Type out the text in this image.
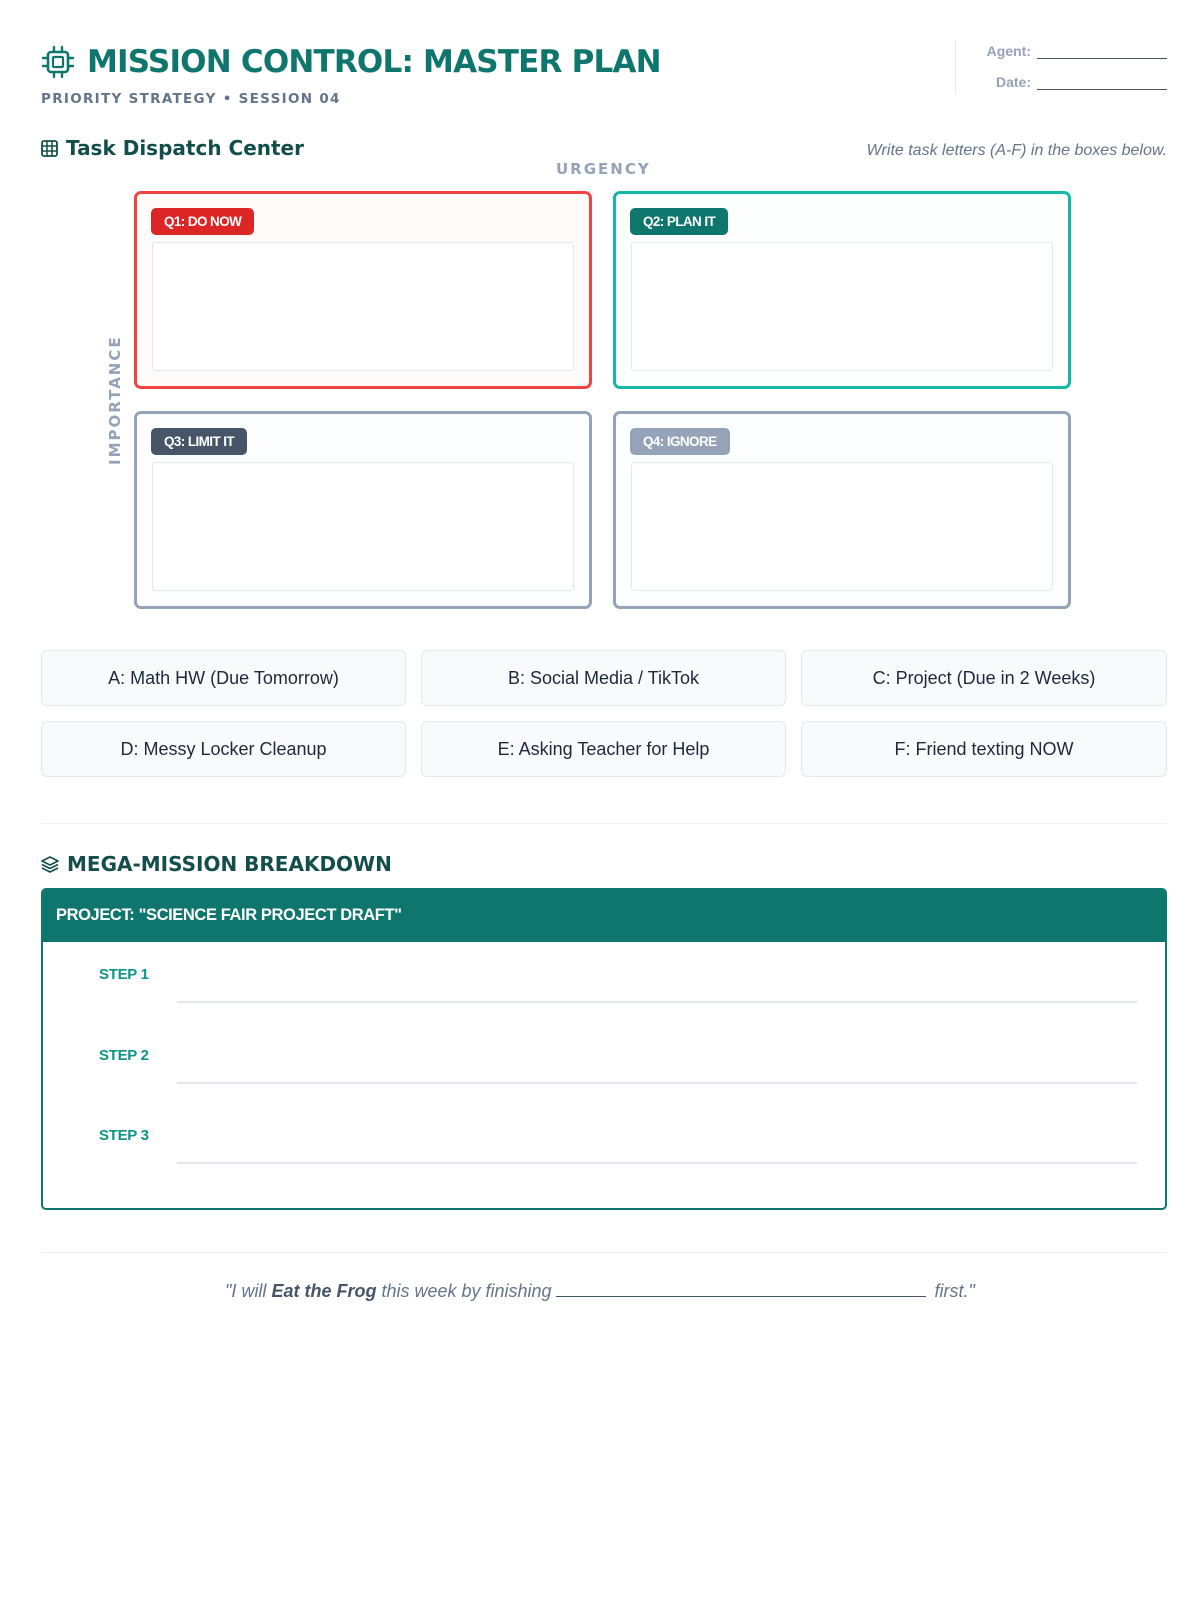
MISSION CONTROL: MASTER PLAN
PRIORITY STRATEGY • SESSION 04
Agent:
Date:
Task Dispatch Center	Write task letters (A-F) in the boxes below.
URGENCY
IMPORTANCE
Q1: DO NOW	Q2: PLAN IT
Q3: LIMIT IT	Q4: IGNORE
A: Math HW (Due Tomorrow)	B: Social Media / TikTok	C: Project (Due in 2 Weeks)
D: Messy Locker Cleanup	E: Asking Teacher for Help	F: Friend texting NOW
MEGA-MISSION BREAKDOWN
PROJECT: "SCIENCE FAIR PROJECT DRAFT"
STEP 1
STEP 2
STEP 3
"I will Eat the Frog this week by finishing	first."
